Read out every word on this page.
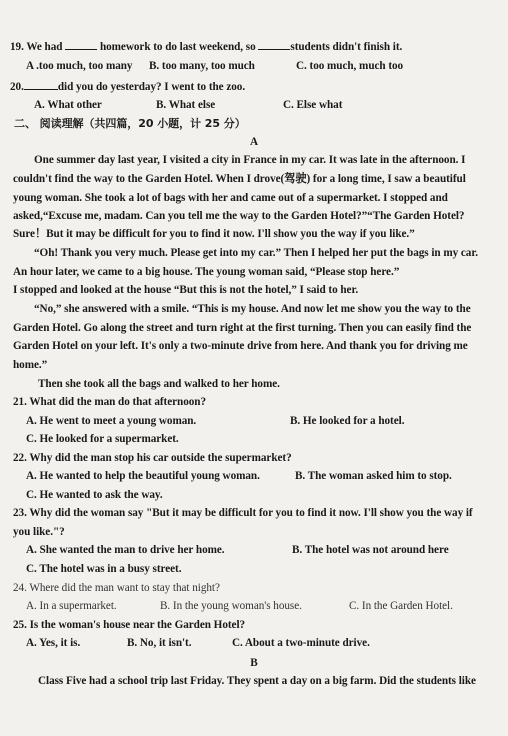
19. We had	homework to do last weekend, so	students didn't finish it.
A .too much, too many B. too many, too much	C. too much, much too
20.	did you do yesterday? I went to the zoo.
A. What other	B. What else	C. Else what
二、 阅读理解（共四篇，20 小题，计 25 分）
A
One summer day last year, I visited a city in France in my car. It was late in the afternoon. I
couldn't find the way to the Garden Hotel. When I drove(驾驶) for a long time, I saw a beautiful
young woman. She took a lot of bags with her and came out of a supermarket. I stopped and
asked,“Excuse me, madam. Can you tell me the way to the Garden Hotel?”“The Garden Hotel?
Sure！But it may be difficult for you to find it now. I'll show you the way if you like.”
“Oh! Thank you very much. Please get into my car.” Then I helped her put the bags in my car.
An hour later, we came to a big house. The young woman said, “Please stop here.”
I stopped and looked at the house “But this is not the hotel,” I said to her.
“No,” she answered with a smile. “This is my house. And now let me show you the way to the
Garden Hotel. Go along the street and turn right at the first turning. Then you can easily find the
Garden Hotel on your left. It's only a two-minute drive from here. And thank you for driving me
home.”
Then she took all the bags and walked to her home.
21. What did the man do that afternoon?
A. He went to meet a young woman.	B. He looked for a hotel.
C. He looked for a supermarket.
22. Why did the man stop his car outside the supermarket?
A. He wanted to help the beautiful young woman.	B. The woman asked him to stop.
C. He wanted to ask the way.
23. Why did the woman say "But it may be difficult for you to find it now. I'll show you the way if
you like."?
A. She wanted the man to drive her home.	B. The hotel was not around here
C. The hotel was in a busy street.
24. Where did the man want to stay that night?
A. In a supermarket.	B. In the young woman's house.	C. In the Garden Hotel.
25. Is the woman's house near the Garden Hotel?
A. Yes, it is.	B. No, it isn't.	C. About a two-minute drive.
B
Class Five had a school trip last Friday. They spent a day on a big farm. Did the students like
